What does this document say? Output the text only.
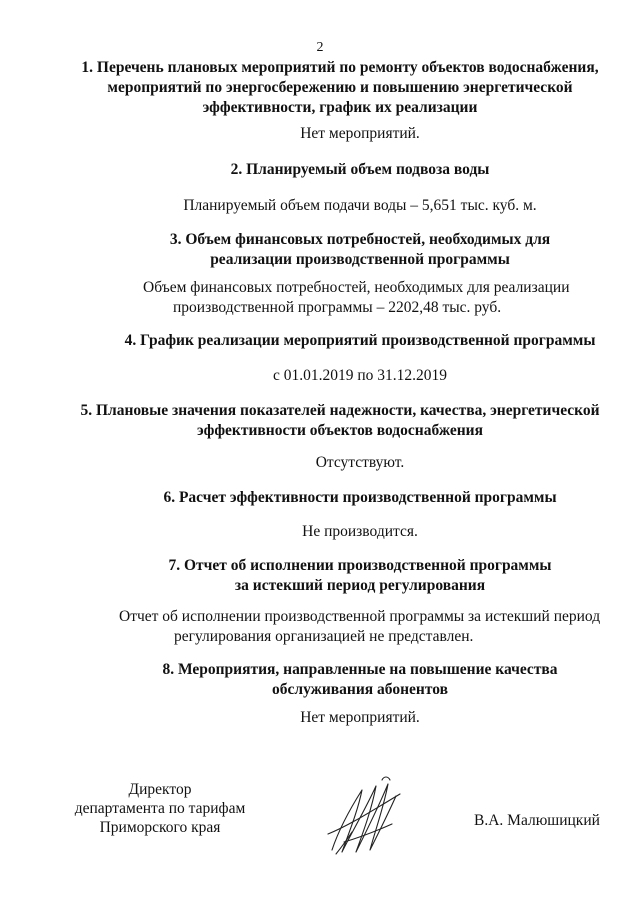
2
1. Перечень плановых мероприятий по ремонту объектов водоснабжения,
мероприятий по энергосбережению и повышению энергетической
эффективности, график их реализации
Нет мероприятий.
2. Планируемый объем подвоза воды
Планируемый объем подачи воды – 5,651 тыс. куб. м.
3. Объем финансовых потребностей, необходимых для
реализации производственной программы
Объем финансовых потребностей, необходимых для реализации
производственной программы – 2202,48 тыс. руб.
4. График реализации мероприятий производственной программы
с 01.01.2019 по 31.12.2019
5. Плановые значения показателей надежности, качества, энергетической
эффективности объектов водоснабжения
Отсутствуют.
6. Расчет эффективности производственной программы
Не производится.
7. Отчет об исполнении производственной программы
за истекший период регулирования
Отчет об исполнении производственной программы за истекший период
регулирования организацией не представлен.
8. Мероприятия, направленные на повышение качества
обслуживания абонентов
Нет мероприятий.
Директор
департамента по тарифам
Приморского края	В.А. Малюшицкий
